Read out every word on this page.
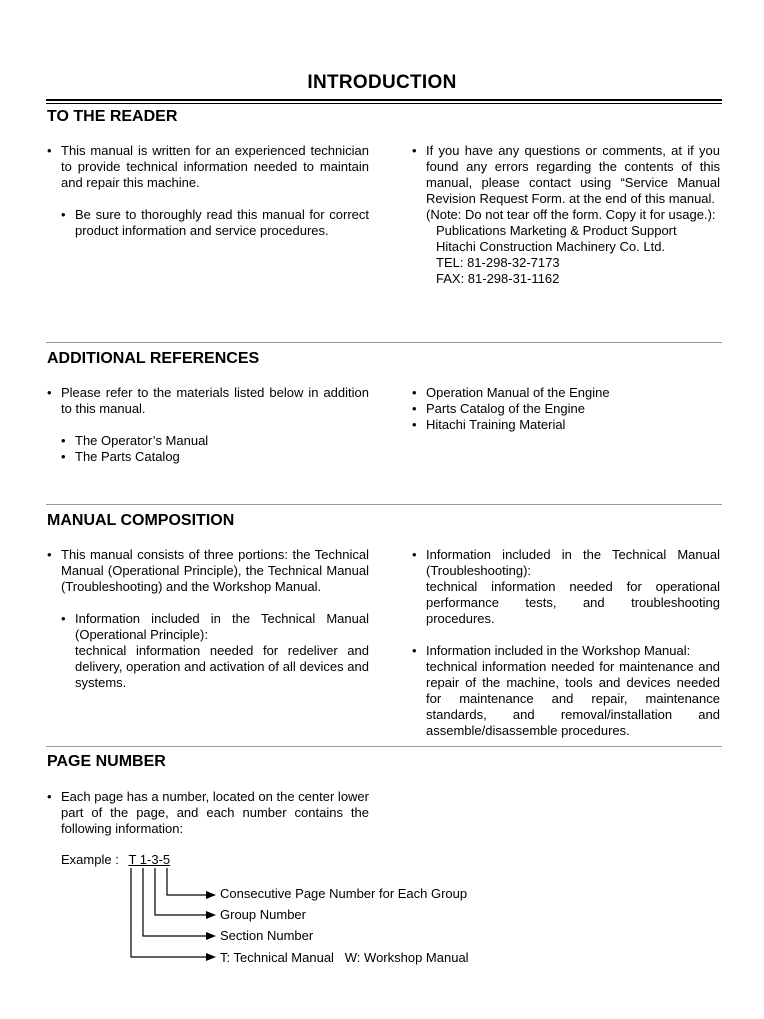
INTRODUCTION
TO THE READER
• This manual is written for an experienced technician to provide technical information needed to maintain and repair this machine.
• Be sure to thoroughly read this manual for correct product information and service procedures.
• If you have any questions or comments, at if you found any errors regarding the contents of this manual, please contact using “Service Manual Revision Request Form. at the end of this manual.
(Note: Do not tear off the form. Copy it for usage.):
Publications Marketing & Product Support
Hitachi Construction Machinery Co. Ltd.
TEL: 81-298-32-7173
FAX: 81-298-31-1162
ADDITIONAL REFERENCES
• Please refer to the materials listed below in addition to this manual.
• The Operator’s Manual
• The Parts Catalog
• Operation Manual of the Engine
• Parts Catalog of the Engine
• Hitachi Training Material
MANUAL COMPOSITION
• This manual consists of three portions: the Technical Manual (Operational Principle), the Technical Manual (Troubleshooting) and the Workshop Manual.
• Information included in the Technical Manual (Operational Principle):
technical information needed for redeliver and delivery, operation and activation of all devices and systems.
• Information included in the Technical Manual (Troubleshooting):
technical information needed for operational performance tests, and troubleshooting procedures.
• Information included in the Workshop Manual:
technical information needed for maintenance and repair of the machine, tools and devices needed for maintenance and repair, maintenance standards, and removal/installation and assemble/disassemble procedures.
PAGE NUMBER
• Each page has a number, located on the center lower part of the page, and each number contains the following information:
Example : T 1-3-5
Consecutive Page Number for Each Group
Group Number
Section Number
T: Technical Manual   W: Workshop Manual
